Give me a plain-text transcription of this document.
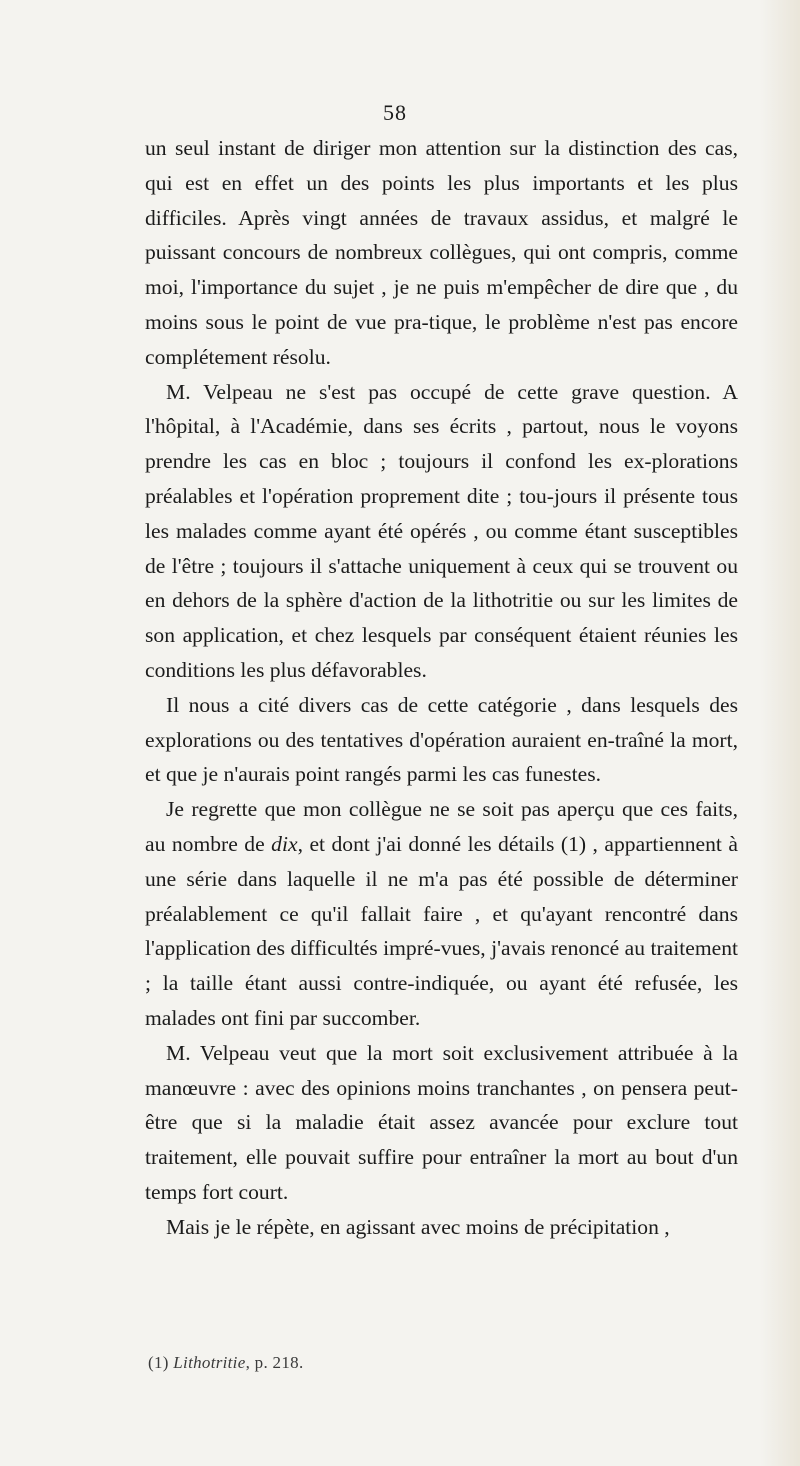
58

un seul instant de diriger mon attention sur la distinction des cas, qui est en effet un des points les plus importants et les plus difficiles. Après vingt années de travaux assidus, et malgré le puissant concours de nombreux collègues, qui ont compris, comme moi, l'importance du sujet , je ne puis m'empêcher de dire que , du moins sous le point de vue pra-tique, le problème n'est pas encore complétement résolu.

M. Velpeau ne s'est pas occupé de cette grave question. A l'hôpital, à l'Académie, dans ses écrits , partout, nous le voyons prendre les cas en bloc ; toujours il confond les ex-plorations préalables et l'opération proprement dite ; tou-jours il présente tous les malades comme ayant été opérés , ou comme étant susceptibles de l'être ; toujours il s'attache uniquement à ceux qui se trouvent ou en dehors de la sphère d'action de la lithotritie ou sur les limites de son application, et chez lesquels par conséquent étaient réunies les conditions les plus défavorables.

Il nous a cité divers cas de cette catégorie , dans lesquels des explorations ou des tentatives d'opération auraient en-traîné la mort, et que je n'aurais point rangés parmi les cas funestes.

Je regrette que mon collègue ne se soit pas aperçu que ces faits, au nombre de dix, et dont j'ai donné les détails (1) , appartiennent à une série dans laquelle il ne m'a pas été possible de déterminer préalablement ce qu'il fallait faire , et qu'ayant rencontré dans l'application des difficultés impré-vues, j'avais renoncé au traitement ; la taille étant aussi contre-indiquée, ou ayant été refusée, les malades ont fini par succomber.

M. Velpeau veut que la mort soit exclusivement attribuée à la manœuvre : avec des opinions moins tranchantes , on pensera peut-être que si la maladie était assez avancée pour exclure tout traitement, elle pouvait suffire pour entraîner la mort au bout d'un temps fort court.

Mais je le répète, en agissant avec moins de précipitation ,

(1) Lithotritie, p. 218.
